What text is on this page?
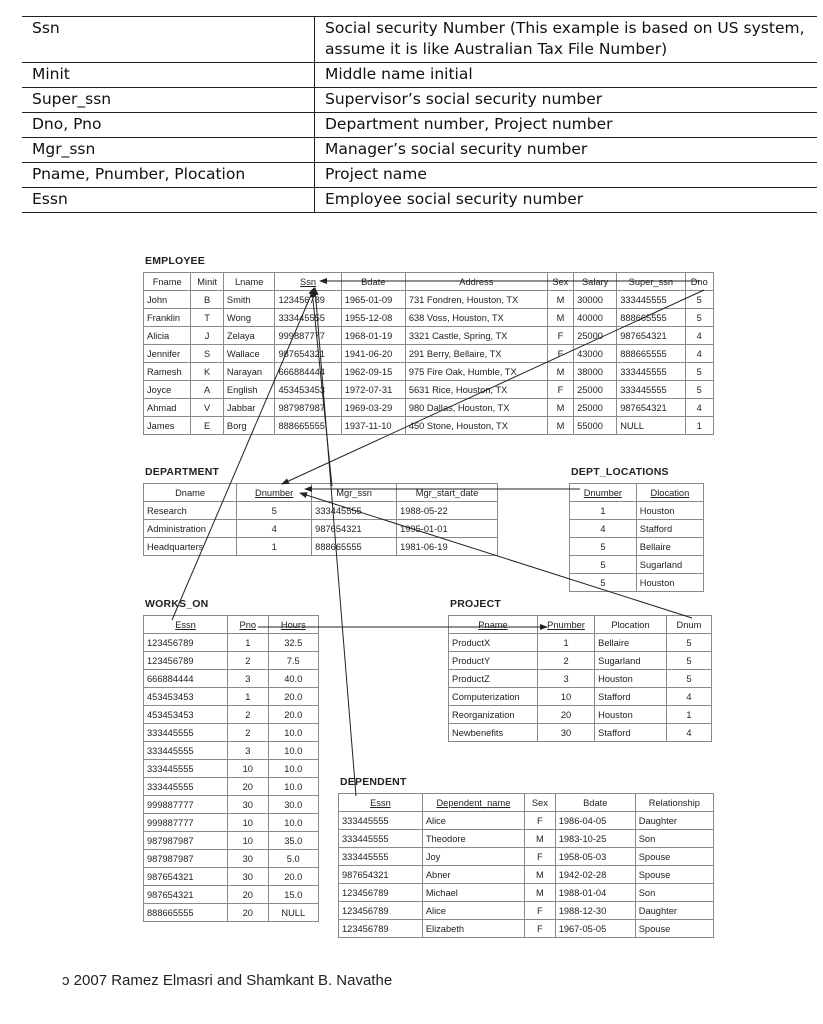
Ssn	Social security Number (This example is based on US system, assume it is like Australian Tax File Number)
Minit	Middle name initial
Super_ssn	Supervisor’s social security number
Dno, Pno	Department number, Project number
Mgr_ssn	Manager’s social security number
Pname, Pnumber, Plocation	Project name
Essn	Employee social security number

EMPLOYEE
Fname	Minit	Lname	Ssn	Bdate	Address	Sex	Salary	Super_ssn	Dno
John	B	Smith	123456789	1965-01-09	731 Fondren, Houston, TX	M	30000	333445555	5
Franklin	T	Wong	333445555	1955-12-08	638 Voss, Houston, TX	M	40000	888665555	5
Alicia	J	Zelaya	999887777	1968-01-19	3321 Castle, Spring, TX	F	25000	987654321	4
Jennifer	S	Wallace	987654321	1941-06-20	291 Berry, Bellaire, TX	F	43000	888665555	4
Ramesh	K	Narayan	666884444	1962-09-15	975 Fire Oak, Humble, TX	M	38000	333445555	5
Joyce	A	English	453453453	1972-07-31	5631 Rice, Houston, TX	F	25000	333445555	5
Ahmad	V	Jabbar	987987987	1969-03-29	980 Dallas, Houston, TX	M	25000	987654321	4
James	E	Borg	888665555	1937-11-10	450 Stone, Houston, TX	M	55000	NULL	1
DEPARTMENT
Dname	Dnumber	Mgr_ssn	Mgr_start_date
Research	5	333445555	1988-05-22
Administration	4	987654321	1995-01-01
Headquarters	1	888665555	1981-06-19
DEPT_LOCATIONS
Dnumber	Dlocation
1	Houston
4	Stafford
5	Bellaire
5	Sugarland
5	Houston
WORKS_ON
Essn	Pno	Hours
123456789	1	32.5
123456789	2	7.5
666884444	3	40.0
453453453	1	20.0
453453453	2	20.0
333445555	2	10.0
333445555	3	10.0
333445555	10	10.0
333445555	20	10.0
999887777	30	30.0
999887777	10	10.0
987987987	10	35.0
987987987	30	5.0
987654321	30	20.0
987654321	20	15.0
888665555	20	NULL
PROJECT
Pname	Pnumber	Plocation	Dnum
ProductX	1	Bellaire	5
ProductY	2	Sugarland	5
ProductZ	3	Houston	5
Computerization	10	Stafford	4
Reorganization	20	Houston	1
Newbenefits	30	Stafford	4
DEPENDENT
Essn	Dependent_name	Sex	Bdate	Relationship
333445555	Alice	F	1986-04-05	Daughter
333445555	Theodore	M	1983-10-25	Son
333445555	Joy	F	1958-05-03	Spouse
987654321	Abner	M	1942-02-28	Spouse
123456789	Michael	M	1988-01-04	Son
123456789	Alice	F	1988-12-30	Daughter
123456789	Elizabeth	F	1967-05-05	Spouse
ↄ 2007 Ramez Elmasri and Shamkant B. Navathe
